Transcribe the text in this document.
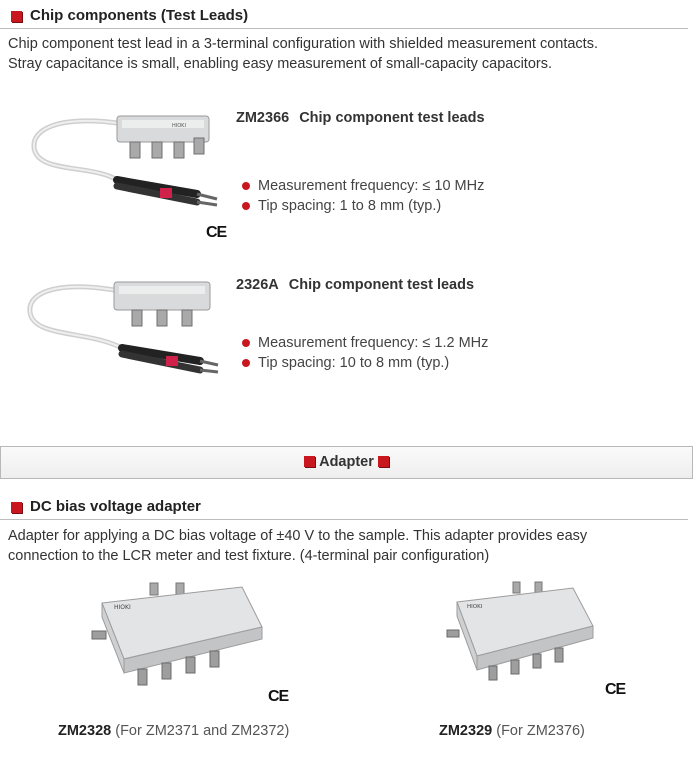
Chip components (Test Leads)
Chip component test lead in a 3-terminal configuration with shielded measurement contacts.
Stray capacitance is small, enabling easy measurement of small-capacity capacitors.
HIOKI
CE
ZM2366 Chip component test leads
Measurement frequency: ≤ 10 MHz
Tip spacing: 1 to 8 mm (typ.)
2326A Chip component test leads
Measurement frequency: ≤ 1.2 MHz
Tip spacing: 10 to 8 mm (typ.)
Adapter
DC bias voltage adapter
Adapter for applying a DC bias voltage of ±40 V to the sample. This adapter provides easy
connection to the LCR meter and test fixture. (4-terminal pair configuration)
HIOKI
CE
HIOKI
CE
ZM2328 (For ZM2371 and ZM2372)	ZM2329 (For ZM2376)
